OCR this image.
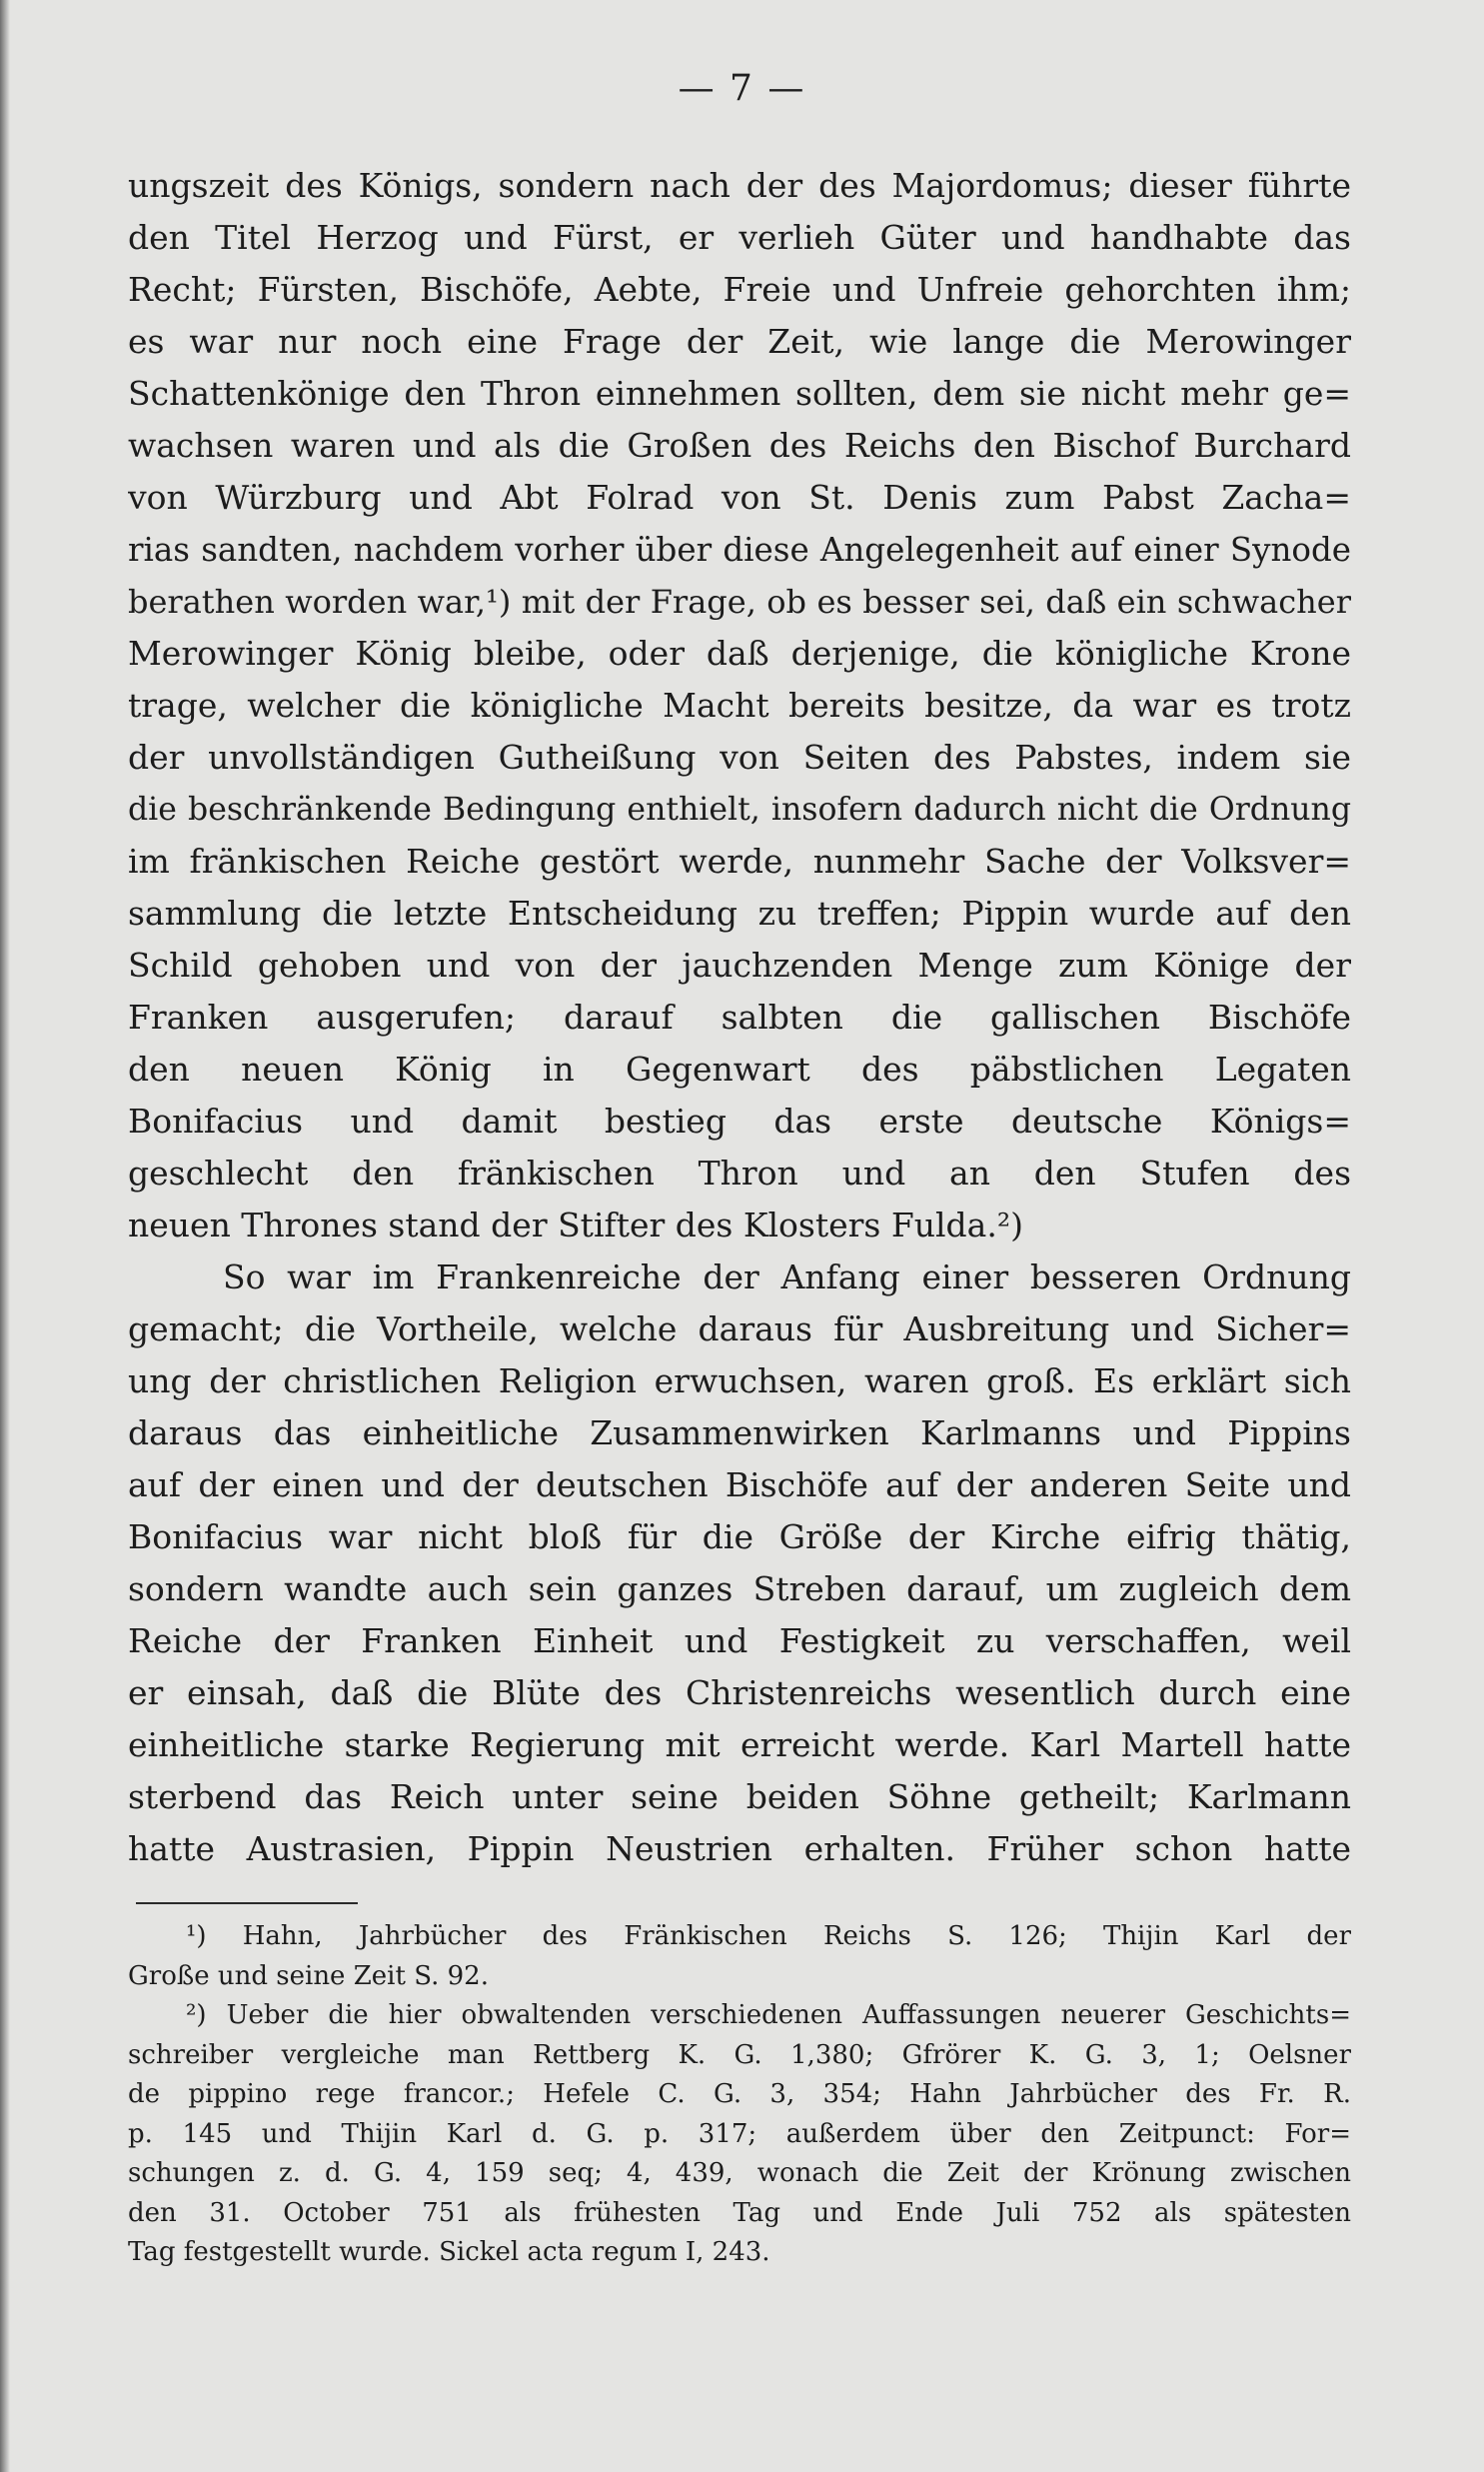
— 7 —
ungszeit des Königs, sondern nach der des Majordomus; dieser führte
den Titel Herzog und Fürst, er verlieh Güter und handhabte das
Recht; Fürsten, Bischöfe, Aebte, Freie und Unfreie gehorchten ihm;
es war nur noch eine Frage der Zeit, wie lange die Merowinger
Schattenkönige den Thron einnehmen sollten, dem sie nicht mehr ge=
wachsen waren und als die Großen des Reichs den Bischof Burchard
von Würzburg und Abt Folrad von St. Denis zum Pabst Zacha=
rias sandten, nachdem vorher über diese Angelegenheit auf einer Synode
berathen worden war,¹) mit der Frage, ob es besser sei, daß ein schwacher
Merowinger König bleibe, oder daß derjenige, die königliche Krone
trage, welcher die königliche Macht bereits besitze, da war es trotz
der unvollständigen Gutheißung von Seiten des Pabstes, indem sie
die beschränkende Bedingung enthielt, insofern dadurch nicht die Ordnung
im fränkischen Reiche gestört werde, nunmehr Sache der Volksver=
sammlung die letzte Entscheidung zu treffen; Pippin wurde auf den
Schild gehoben und von der jauchzenden Menge zum Könige der
Franken ausgerufen; darauf salbten die gallischen Bischöfe
den neuen König in Gegenwart des päbstlichen Legaten
Bonifacius und damit bestieg das erste deutsche Königs=
geschlecht den fränkischen Thron und an den Stufen des
neuen Thrones stand der Stifter des Klosters Fulda.²)
So war im Frankenreiche der Anfang einer besseren Ordnung
gemacht; die Vortheile, welche daraus für Ausbreitung und Sicher=
ung der christlichen Religion erwuchsen, waren groß. Es erklärt sich
daraus das einheitliche Zusammenwirken Karlmanns und Pippins
auf der einen und der deutschen Bischöfe auf der anderen Seite und
Bonifacius war nicht bloß für die Größe der Kirche eifrig thätig,
sondern wandte auch sein ganzes Streben darauf, um zugleich dem
Reiche der Franken Einheit und Festigkeit zu verschaffen, weil
er einsah, daß die Blüte des Christenreichs wesentlich durch eine
einheitliche starke Regierung mit erreicht werde. Karl Martell hatte
sterbend das Reich unter seine beiden Söhne getheilt; Karlmann
hatte Austrasien, Pippin Neustrien erhalten. Früher schon hatte
¹) Hahn, Jahrbücher des Fränkischen Reichs S. 126; Thijin Karl der
Große und seine Zeit S. 92.
²) Ueber die hier obwaltenden verschiedenen Auffassungen neuerer Geschichts=
schreiber vergleiche man Rettberg K. G. 1,380; Gfrörer K. G. 3, 1; Oelsner
de pippino rege francor.; Hefele C. G. 3, 354; Hahn Jahrbücher des Fr. R.
p. 145 und Thijin Karl d. G. p. 317; außerdem über den Zeitpunct: For=
schungen z. d. G. 4, 159 seq; 4, 439, wonach die Zeit der Krönung zwischen
den 31. October 751 als frühesten Tag und Ende Juli 752 als spätesten
Tag festgestellt wurde. Sickel acta regum I, 243.
